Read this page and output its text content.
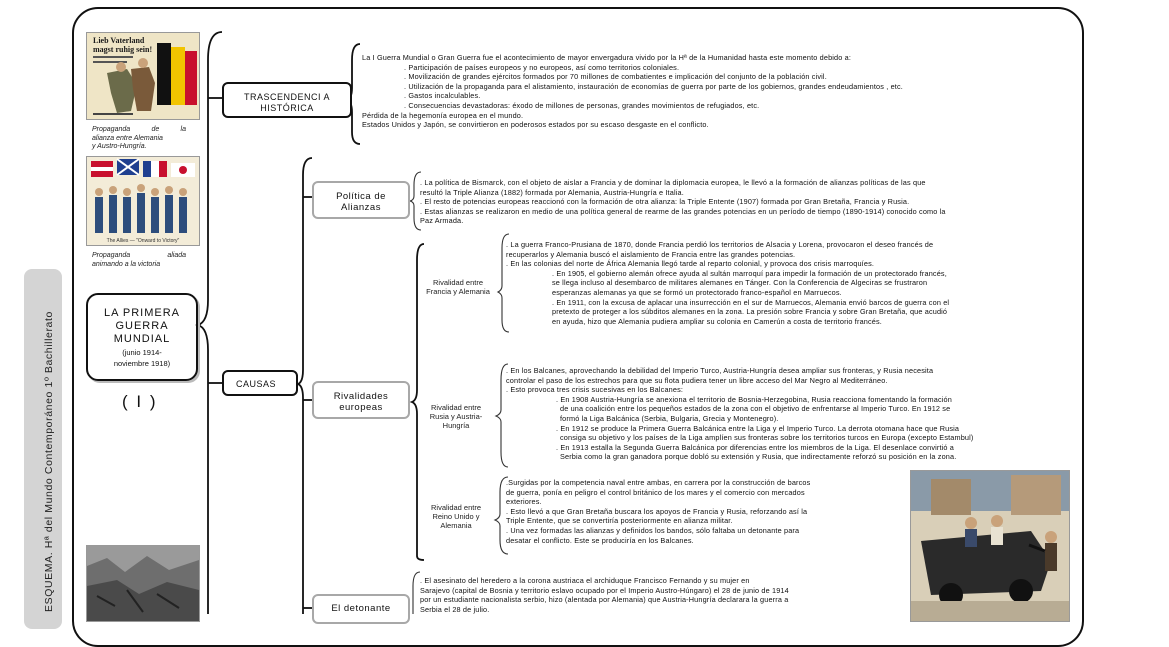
ESQUEMA. Hª del Mundo Contemporáneo 1º Bachillerato
Lieb Vaterland
magst ruhig sein!
Propaganda	de	la
alianza entre Alemania
y Austro-Hungría.
The Allies — "Onward to Victory"
Propaganda	aliada
animando a la victoria
LA PRIMERA
GUERRA
MUNDIAL
(junio 1914-
noviembre 1918)
( I )
TRASCENDENCI A
HISTÓRICA
La I Guerra Mundial o Gran Guerra fue el acontecimiento de mayor envergadura vivido por la Hª de la Humanidad hasta este momento debido a:
. Participación de países europeos y no europeos, así como territorios coloniales.
. Movilización de grandes ejércitos formados por 70 millones de combatientes e implicación del conjunto de la población civil.
. Utilización de la propaganda para el alistamiento, instauración de economías de guerra por parte de los gobiernos, grandes endeudamientos , etc.
. Gastos incalculables.
. Consecuencias devastadoras: éxodo de millones de personas, grandes movimientos de refugiados, etc.
Pérdida de la hegemonía europea en el mundo.
Estados Unidos y Japón, se convirtieron en poderosos estados por su escaso desgaste en el conflicto.
CAUSAS
Política de
Alianzas
. La política de Bismarck, con el objeto de aislar a Francia y de dominar la diplomacia europea, le llevó a la formación de alianzas políticas de las que
resultó la Triple Alianza (1882) formada por Alemania, Austria-Hungría e Italia.
. El resto de potencias europeas reaccionó con la formación de otra alianza: la Triple Entente (1907) formada por Gran Bretaña, Francia y Rusia.
. Estas alianzas se realizaron en medio de una política general de rearme de las grandes potencias en un período de tiempo (1890-1914) conocido como la
Paz Armada.
Rivalidades
europeas
Rivalidad entre
Francia y Alemania
. La guerra Franco-Prusiana de 1870, donde Francia perdió los territorios de Alsacia y Lorena, provocaron el deseo francés de
recuperarlos y Alemania buscó el aislamiento de Francia entre las grandes potencias.
. En las colonias del norte de África Alemania llegó tarde al reparto colonial, y provoca dos crisis marroquíes.
. En 1905, el gobierno alemán ofrece ayuda al sultán marroquí para impedir la formación de un protectorado francés,
se llega incluso al desembarco de militares alemanes en Tánger. Con la Conferencia de Algeciras se frustraron
esperanzas alemanas ya que se formó un protectorado franco-español en Marruecos.
. En 1911, con la excusa de aplacar una insurrección en el sur de Marruecos, Alemania envió barcos de guerra con el
pretexto de proteger a los súbditos alemanes en la zona. La presión sobre Francia y sobre Gran Bretaña, que acudió
en ayuda, hizo que Alemania pudiera ampliar su colonia en Camerún a costa de territorio francés.
Rivalidad entre
Rusia y Austria-
Hungría
. En los Balcanes, aprovechando la debilidad del Imperio Turco, Austria-Hungría desea ampliar sus fronteras, y Rusia necesita
controlar el paso de los estrechos para que su flota pudiera tener un libre acceso del Mar Negro al Mediterráneo.
. Esto provoca tres crisis sucesivas en los Balcanes:
. En 1908 Austria-Hungría se anexiona el territorio de Bosnia-Herzegobina, Rusia reacciona fomentando la formación
de una coalición entre los pequeños estados de la zona con el objetivo de enfrentarse al Imperio Turco. En 1912 se
formó la Liga Balcánica (Serbia, Bulgaria, Grecia y Montenegro).
. En 1912 se produce la Primera Guerra Balcánica entre la Liga y el Imperio Turco. La derrota otomana hace que Rusia
consiga su objetivo y los países de la Liga amplíen sus fronteras sobre los territorios turcos en Europa (excepto Estambul)
. En 1913 estalla la Segunda Guerra Balcánica por diferencias entre los miembros de la Liga. El desenlace convirtió a
Serbia como la gran ganadora porque dobló su extensión y Rusia, que indirectamente reforzó su posición en la zona.
Rivalidad entre
Reino Unido y
Alemania
.Surgidas por la competencia naval entre ambas, en carrera por la construcción de barcos
de guerra, ponía en peligro el control británico de los mares y el comercio con mercados
exteriores.
. Esto llevó a que Gran Bretaña buscara los apoyos de Francia y Rusia, reforzando así la
Triple Entente, que se convertiría posteriormente en alianza militar.
. Una vez formadas las alianzas y definidos los bandos, sólo faltaba un detonante para
desatar el conflicto. Este se produciría en los Balcanes.
El detonante
. El asesinato del heredero a la corona austriaca el archiduque Francisco Fernando y su mujer en
Sarajevo (capital de Bosnia y territorio eslavo ocupado por el Imperio Austro-Húngaro) el 28 de junio de 1914
por un estudiante nacionalista serbio, hizo (alentada por Alemania) que Austria-Hungría declarara la guerra a
Serbia el 28 de julio.
